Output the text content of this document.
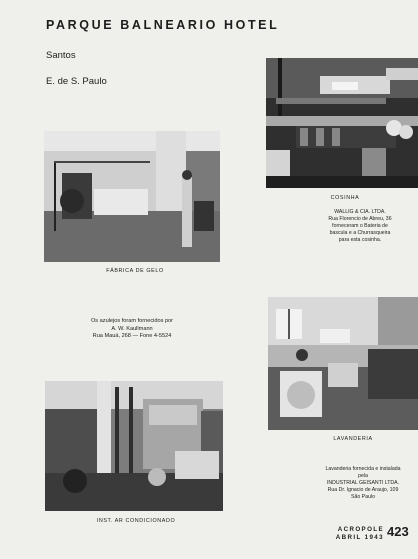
PARQUE BALNEARIO HOTEL
Santos
E. de S. Paulo
COSINHA
WALLIG & CIA. LTDA.
Rua Florencio de Abreu, 36
forneceram o Bateria de
bascula e a Churrasqueira
para esta cosinha.
FÁBRICA DE GELO
Os azulejos foram fornecidos por
A. W. Kaullmann
Rua Mauá, 268 — Fone 4-5524
LAVANDERIA
Lavanderia fornecida e instalada
pela
INDUSTRIAL GEISANTI LTDA.
Rua Dr. Ignacio de Araujo, 109
São Paulo
INST. AR CONDICIONADO
ACROPOLE
ABRIL 1943 423
